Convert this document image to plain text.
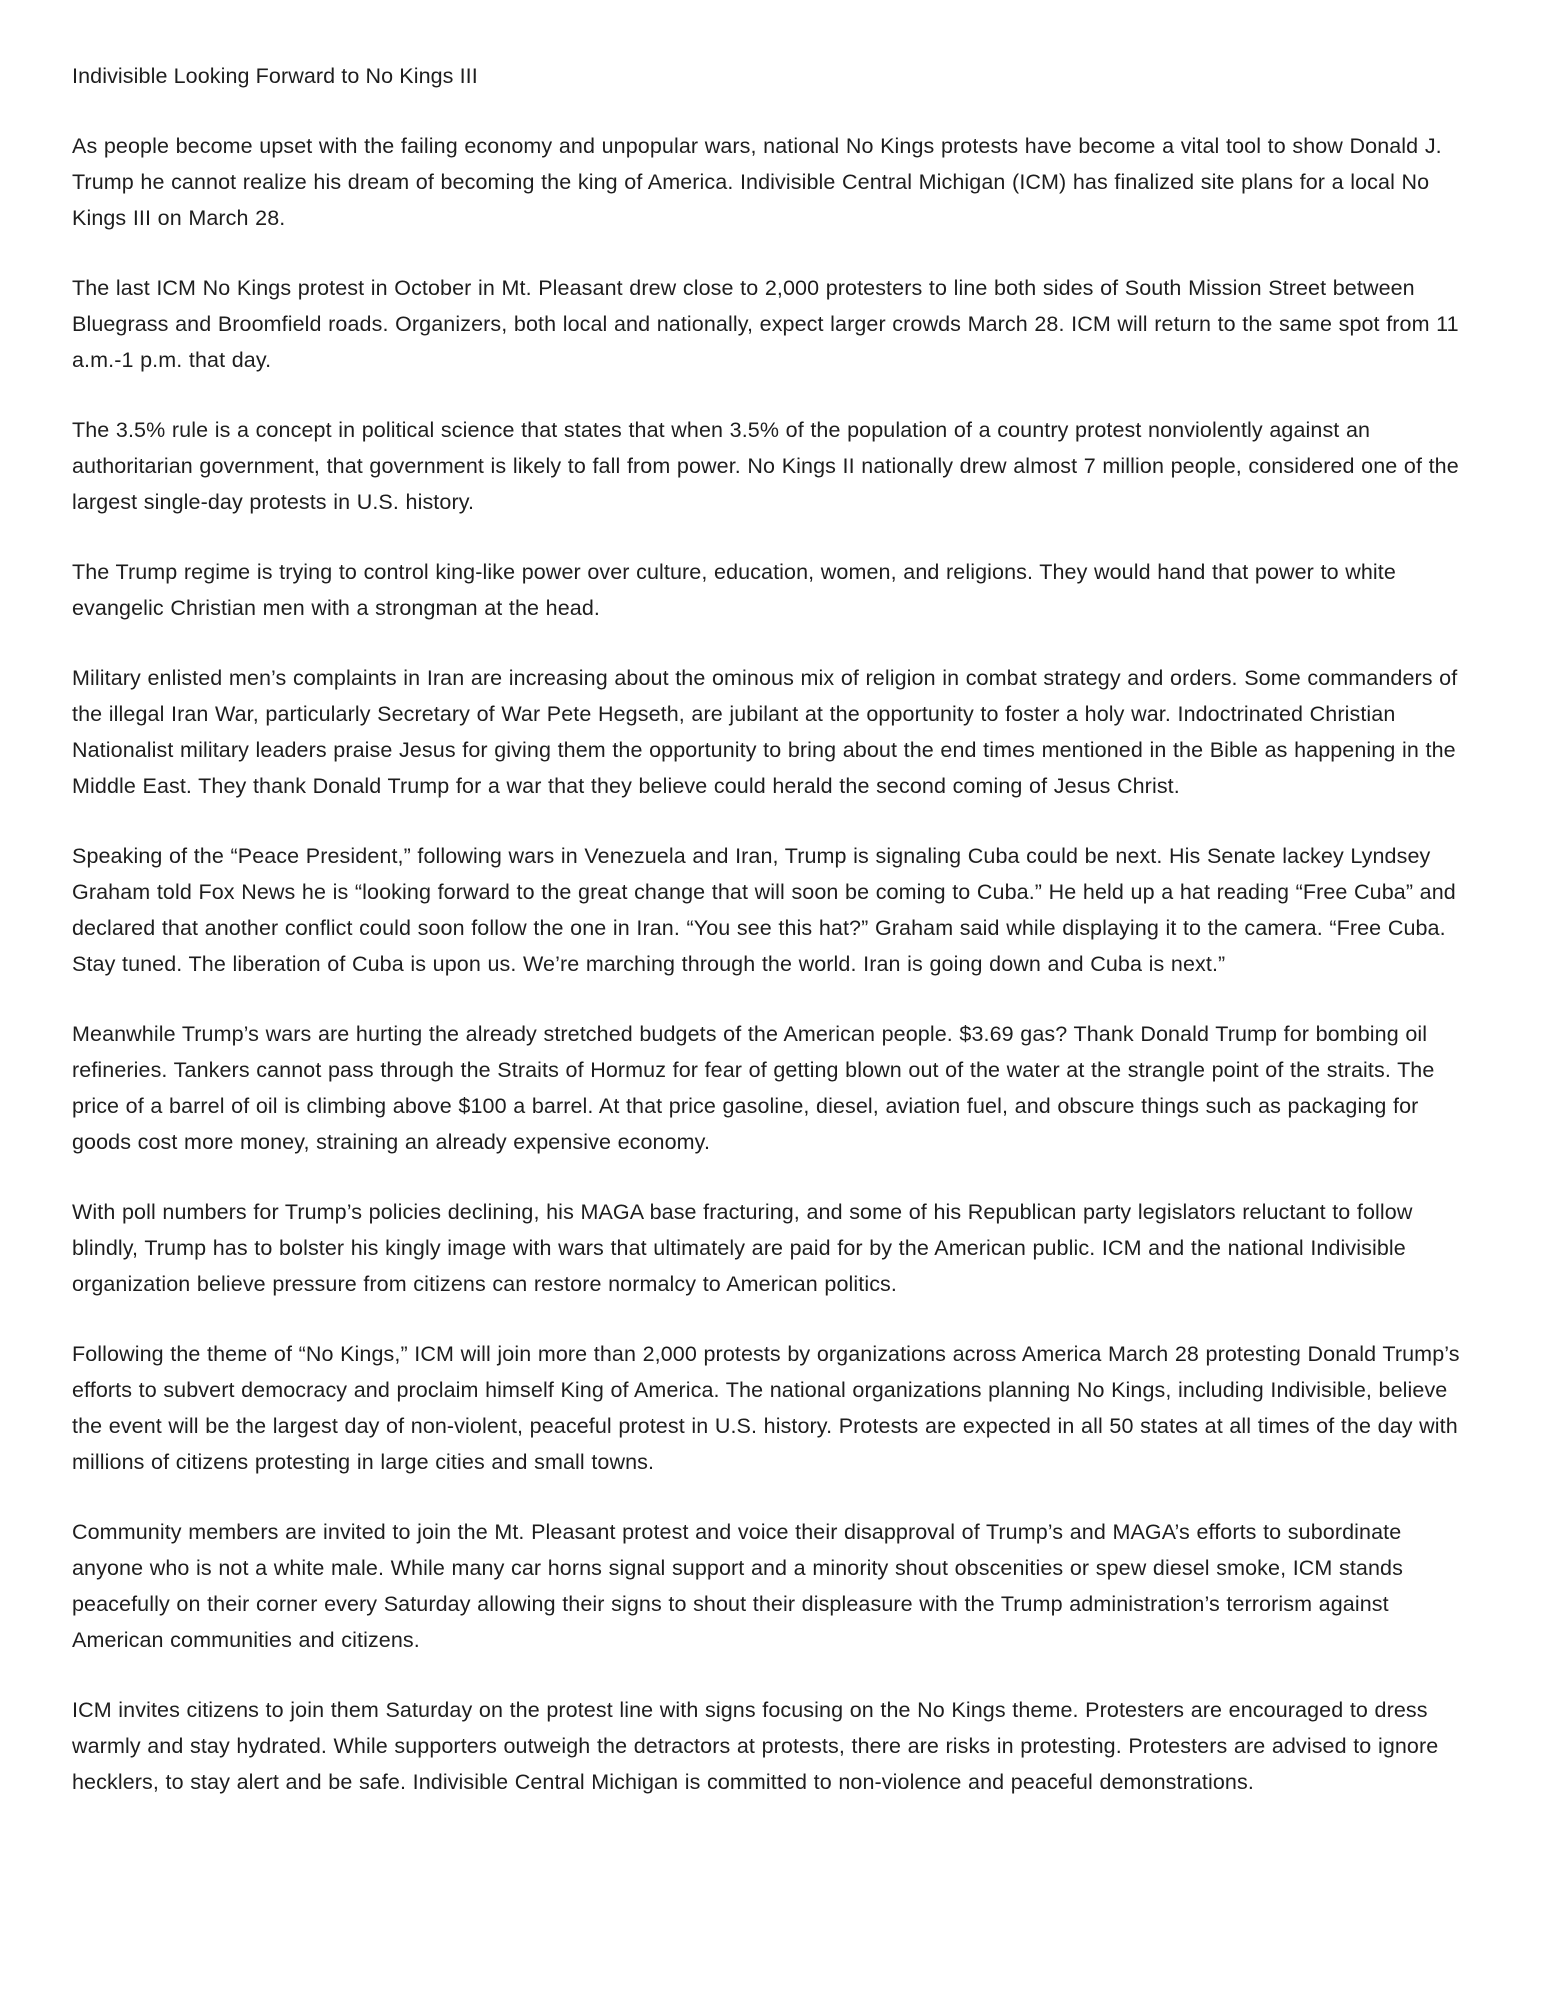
Indivisible Looking Forward to No Kings III

As people become upset with the failing economy and unpopular wars, national No Kings protests have become a vital tool to show Donald J. Trump he cannot realize his dream of becoming the king of America. Indivisible Central Michigan (ICM) has finalized site plans for a local No Kings III on March 28.

The last ICM No Kings protest in October in Mt. Pleasant drew close to 2,000 protesters to line both sides of South Mission Street between Bluegrass and Broomfield roads. Organizers, both local and nationally, expect larger crowds March 28. ICM will return to the same spot from 11 a.m.-1 p.m. that day.

The 3.5% rule is a concept in political science that states that when 3.5% of the population of a country protest nonviolently against an authoritarian government, that government is likely to fall from power. No Kings II nationally drew almost 7 million people, considered one of the largest single-day protests in U.S. history.

The Trump regime is trying to control king-like power over culture, education, women, and religions. They would hand that power to white evangelic Christian men with a strongman at the head.

Military enlisted men’s complaints in Iran are increasing about the ominous mix of religion in combat strategy and orders. Some commanders of the illegal Iran War, particularly Secretary of War Pete Hegseth, are jubilant at the opportunity to foster a holy war. Indoctrinated Christian Nationalist military leaders praise Jesus for giving them the opportunity to bring about the end times mentioned in the Bible as happening in the Middle East. They thank Donald Trump for a war that they believe could herald the second coming of Jesus Christ.

Speaking of the “Peace President,” following wars in Venezuela and Iran, Trump is signaling Cuba could be next. His Senate lackey Lyndsey Graham told Fox News he is “looking forward to the great change that will soon be coming to Cuba.” He held up a hat reading “Free Cuba” and declared that another conflict could soon follow the one in Iran. “You see this hat?” Graham said while displaying it to the camera. “Free Cuba. Stay tuned. The liberation of Cuba is upon us. We’re marching through the world. Iran is going down and Cuba is next.”

Meanwhile Trump’s wars are hurting the already stretched budgets of the American people. $3.69 gas? Thank Donald Trump for bombing oil refineries. Tankers cannot pass through the Straits of Hormuz for fear of getting blown out of the water at the strangle point of the straits. The price of a barrel of oil is climbing above $100 a barrel. At that price gasoline, diesel, aviation fuel, and obscure things such as packaging for goods cost more money, straining an already expensive economy.

With poll numbers for Trump’s policies declining, his MAGA base fracturing, and some of his Republican party legislators reluctant to follow blindly, Trump has to bolster his kingly image with wars that ultimately are paid for by the American public. ICM and the national Indivisible organization believe pressure from citizens can restore normalcy to American politics.

Following the theme of “No Kings,” ICM will join more than 2,000 protests by organizations across America March 28 protesting Donald Trump’s efforts to subvert democracy and proclaim himself King of America. The national organizations planning No Kings, including Indivisible, believe the event will be the largest day of non-violent, peaceful protest in U.S. history. Protests are expected in all 50 states at all times of the day with millions of citizens protesting in large cities and small towns.

Community members are invited to join the Mt. Pleasant protest and voice their disapproval of Trump’s and MAGA’s efforts to subordinate anyone who is not a white male. While many car horns signal support and a minority shout obscenities or spew diesel smoke, ICM stands peacefully on their corner every Saturday allowing their signs to shout their displeasure with the Trump administration’s terrorism against American communities and citizens.

ICM invites citizens to join them Saturday on the protest line with signs focusing on the No Kings theme. Protesters are encouraged to dress warmly and stay hydrated. While supporters outweigh the detractors at protests, there are risks in protesting. Protesters are advised to ignore hecklers, to stay alert and be safe. Indivisible Central Michigan is committed to non-violence and peaceful demonstrations.
